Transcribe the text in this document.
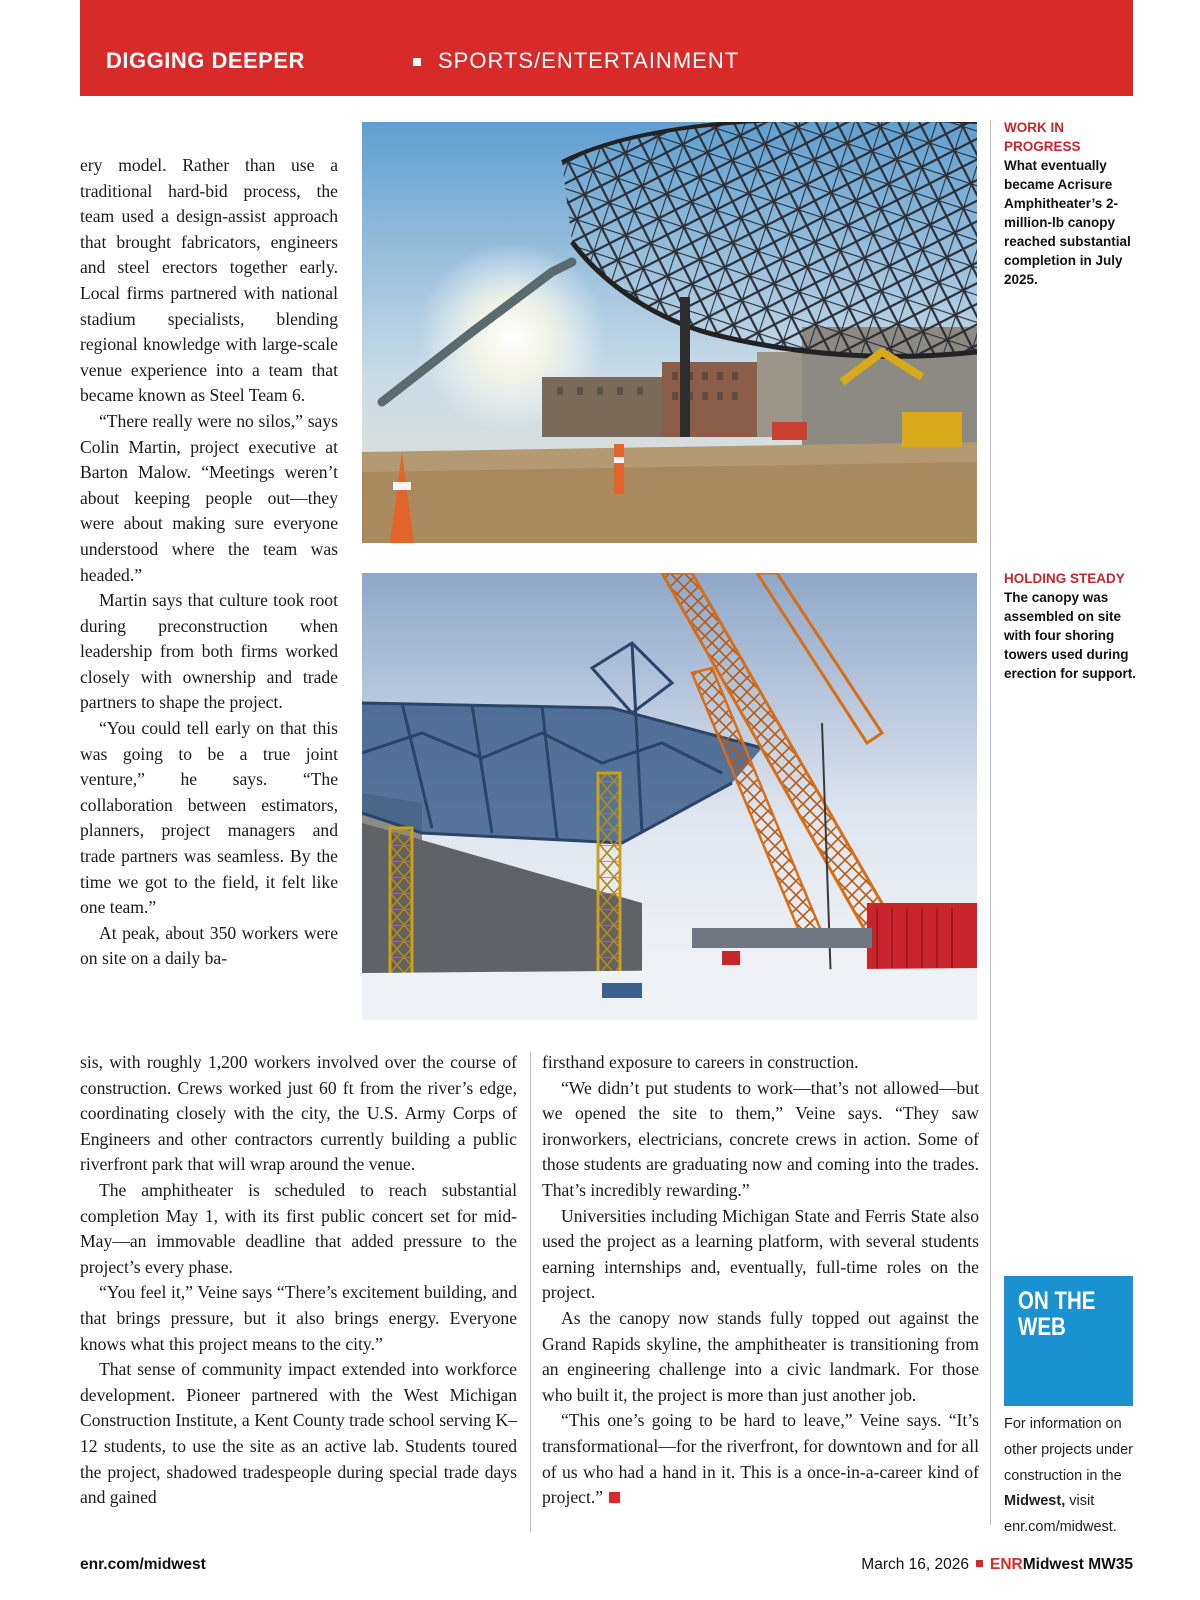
DIGGING DEEPER	SPORTS/ENTERTAINMENT
WORK IN PROGRESS
What eventually became Acrisure Amphitheater’s 2-million-lb canopy reached substantial completion in July 2025.
HOLDING STEADY
The canopy was assembled on site with four shoring towers used during erection for support.

ery model. Rather than use a traditional hard-bid process, the team used a design-assist approach that brought fabricators, engineers and steel erectors together early. Local firms partnered with national stadium specialists, blending regional knowledge with large-scale venue experience into a team that became known as Steel Team 6.

“There really were no silos,” says Colin Martin, project executive at Barton Malow. “Meetings weren’t about keeping people out—they were about making sure everyone understood where the team was headed.”

Martin says that culture took root during preconstruction when leadership from both firms worked closely with ownership and trade partners to shape the project.

“You could tell early on that this was going to be a true joint venture,” he says. “The collaboration between estimators, planners, project managers and trade partners was seamless. By the time we got to the field, it felt like one team.”

At peak, about 350 workers were on site on a daily ba-

sis, with roughly 1,200 workers involved over the course of construction. Crews worked just 60 ft from the river’s edge, coordinating closely with the city, the U.S. Army Corps of Engineers and other contractors currently building a public riverfront park that will wrap around the venue.

The amphitheater is scheduled to reach substantial completion May 1, with its first public concert set for mid-May—an immovable deadline that added pressure to the project’s every phase.

“You feel it,” Veine says “There’s excitement building, and that brings pressure, but it also brings energy. Everyone knows what this project means to the city.”

That sense of community impact extended into workforce development. Pioneer partnered with the West Michigan Construction Institute, a Kent County trade school serving K–12 students, to use the site as an active lab. Students toured the project, shadowed tradespeople during special trade days and gained

firsthand exposure to careers in construction.

“We didn’t put students to work—that’s not allowed—but we opened the site to them,” Veine says. “They saw ironworkers, electricians, concrete crews in action. Some of those students are graduating now and coming into the trades. That’s incredibly rewarding.”

Universities including Michigan State and Ferris State also used the project as a learning platform, with several students earning internships and, eventually, full-time roles on the project.

As the canopy now stands fully topped out against the Grand Rapids skyline, the amphitheater is transitioning from an engineering challenge into a civic landmark. For those who built it, the project is more than just another job.

“This one’s going to be hard to leave,” Veine says. “It’s transformational—for the riverfront, for downtown and for all of us who had a hand in it. This is a once-in-a-career kind of project.”

ON THE WEB
For information on other projects under construction in the Midwest, visit enr.com/midwest.
enr.com/midwest	March 16, 2026 ENRMidwest MW35
